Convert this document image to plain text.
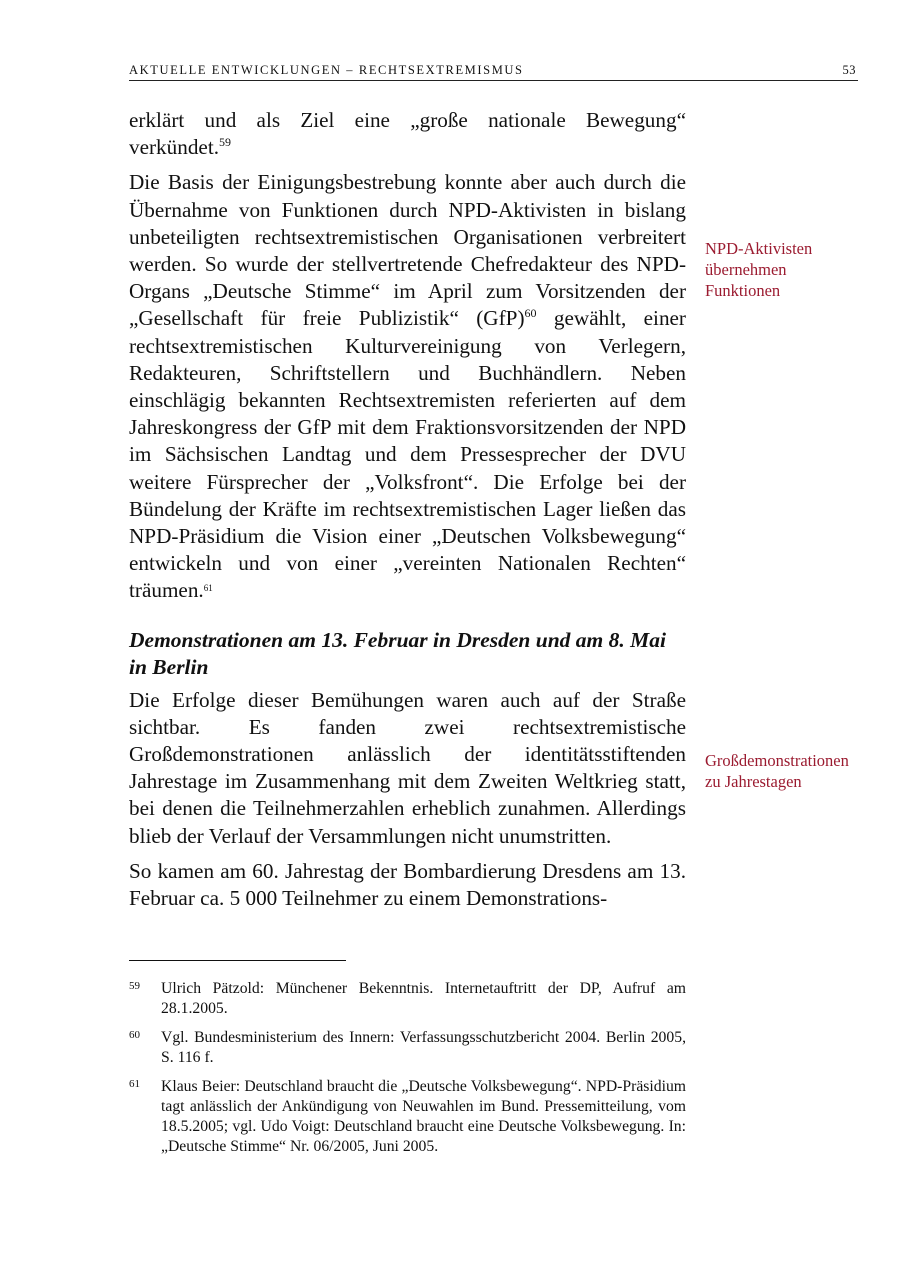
AKTUELLE ENTWICKLUNGEN – RECHTSEXTREMISMUS	53

erklärt und als Ziel eine „große nationale Bewegung“ verkündet.$^{59}$

Die Basis der Einigungsbestrebung konnte aber auch durch die Übernahme von Funktionen durch NPD-Aktivisten in bislang unbeteiligten rechtsextremistischen Organisationen verbreitert werden. So wurde der stellvertretende Chefredakteur des NPD-Organs „Deutsche Stimme“ im April zum Vorsitzenden der „Gesellschaft für freie Publizistik“ (GfP)$^{60}$ gewählt, einer rechtsextremistischen Kulturvereinigung von Verlegern, Redakteuren, Schriftstellern und Buchhändlern. Neben einschlägig bekannten Rechtsextremisten referierten auf dem Jahreskongress der GfP mit dem Fraktionsvorsitzenden der NPD im Sächsischen Landtag und dem Pressesprecher der DVU weitere Fürsprecher der „Volksfront“. Die Erfolge bei der Bündelung der Kräfte im rechtsextremistischen Lager ließen das NPD-Präsidium die Vision einer „Deutschen Volksbewegung“ entwickeln und von einer „vereinten Nationalen Rechten“ träumen.$^{61}$

Demonstrationen am 13. Februar in Dresden und am 8. Mai in Berlin

Die Erfolge dieser Bemühungen waren auch auf der Straße sichtbar. Es fanden zwei rechtsextremistische Großdemonstrationen anlässlich der identitätsstiftenden Jahrestage im Zusammenhang mit dem Zweiten Weltkrieg statt, bei denen die Teilnehmerzahlen erheblich zunahmen. Allerdings blieb der Verlauf der Versammlungen nicht unumstritten.

So kamen am 60. Jahrestag der Bombardierung Dresdens am 13. Februar ca. 5 000 Teilnehmer zu einem Demonstrations-

NPD-Aktivisten übernehmen Funktionen
Großdemonstrationen zu Jahrestagen
59 Ulrich Pätzold: Münchener Bekenntnis. Internetauftritt der DP, Aufruf am 28.1.2005.
60 Vgl. Bundesministerium des Innern: Verfassungsschutzbericht 2004. Berlin 2005, S. 116 f.
61 Klaus Beier: Deutschland braucht die „Deutsche Volksbewegung“. NPD-Präsidium tagt anlässlich der Ankündigung von Neuwahlen im Bund. Pressemitteilung, vom 18.5.2005; vgl. Udo Voigt: Deutschland braucht eine Deutsche Volksbewegung. In: „Deutsche Stimme“ Nr. 06/2005, Juni 2005.
